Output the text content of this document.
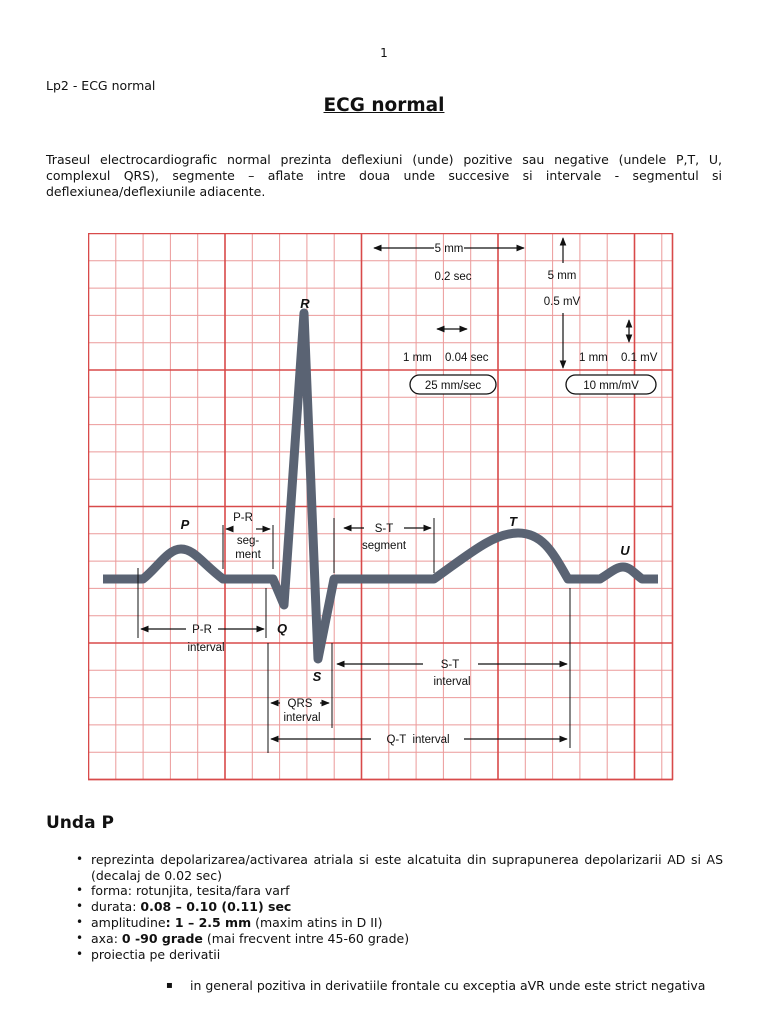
1
Lp2 - ECG normal
ECG normal
Traseul electrocardiografic normal prezinta deflexiuni (unde) pozitive sau negative (undele P,T, U, complexul QRS), segmente – aflate intre doua unde succesive si intervale - segmentul si deflexiunea/deflexiunile adiacente.
5 mm
0.2 sec	5 mm
0.5 mV
1 mm 0.04 sec	1 mm 0.1 mV
25 mm/sec	10 mm/mV
R
P
Q
S
T
U
P-R
seg-
ment
S-T
segment
P-R
interval
QRS
interval
S-T
interval
Q-T  interval
Unda P
• reprezinta depolarizarea/activarea atriala si este alcatuita din suprapunerea depolarizarii AD si AS (decalaj de 0.02 sec)
• forma: rotunjita, tesita/fara varf
• durata: 0.08 – 0.10 (0.11) sec
• amplitudine: 1 – 2.5 mm (maxim atins in D II)
• axa: 0 -90 grade (mai frecvent intre 45-60 grade)
• proiectia pe derivatii
▪ in general pozitiva in derivatiile frontale cu exceptia aVR unde este strict negativa
